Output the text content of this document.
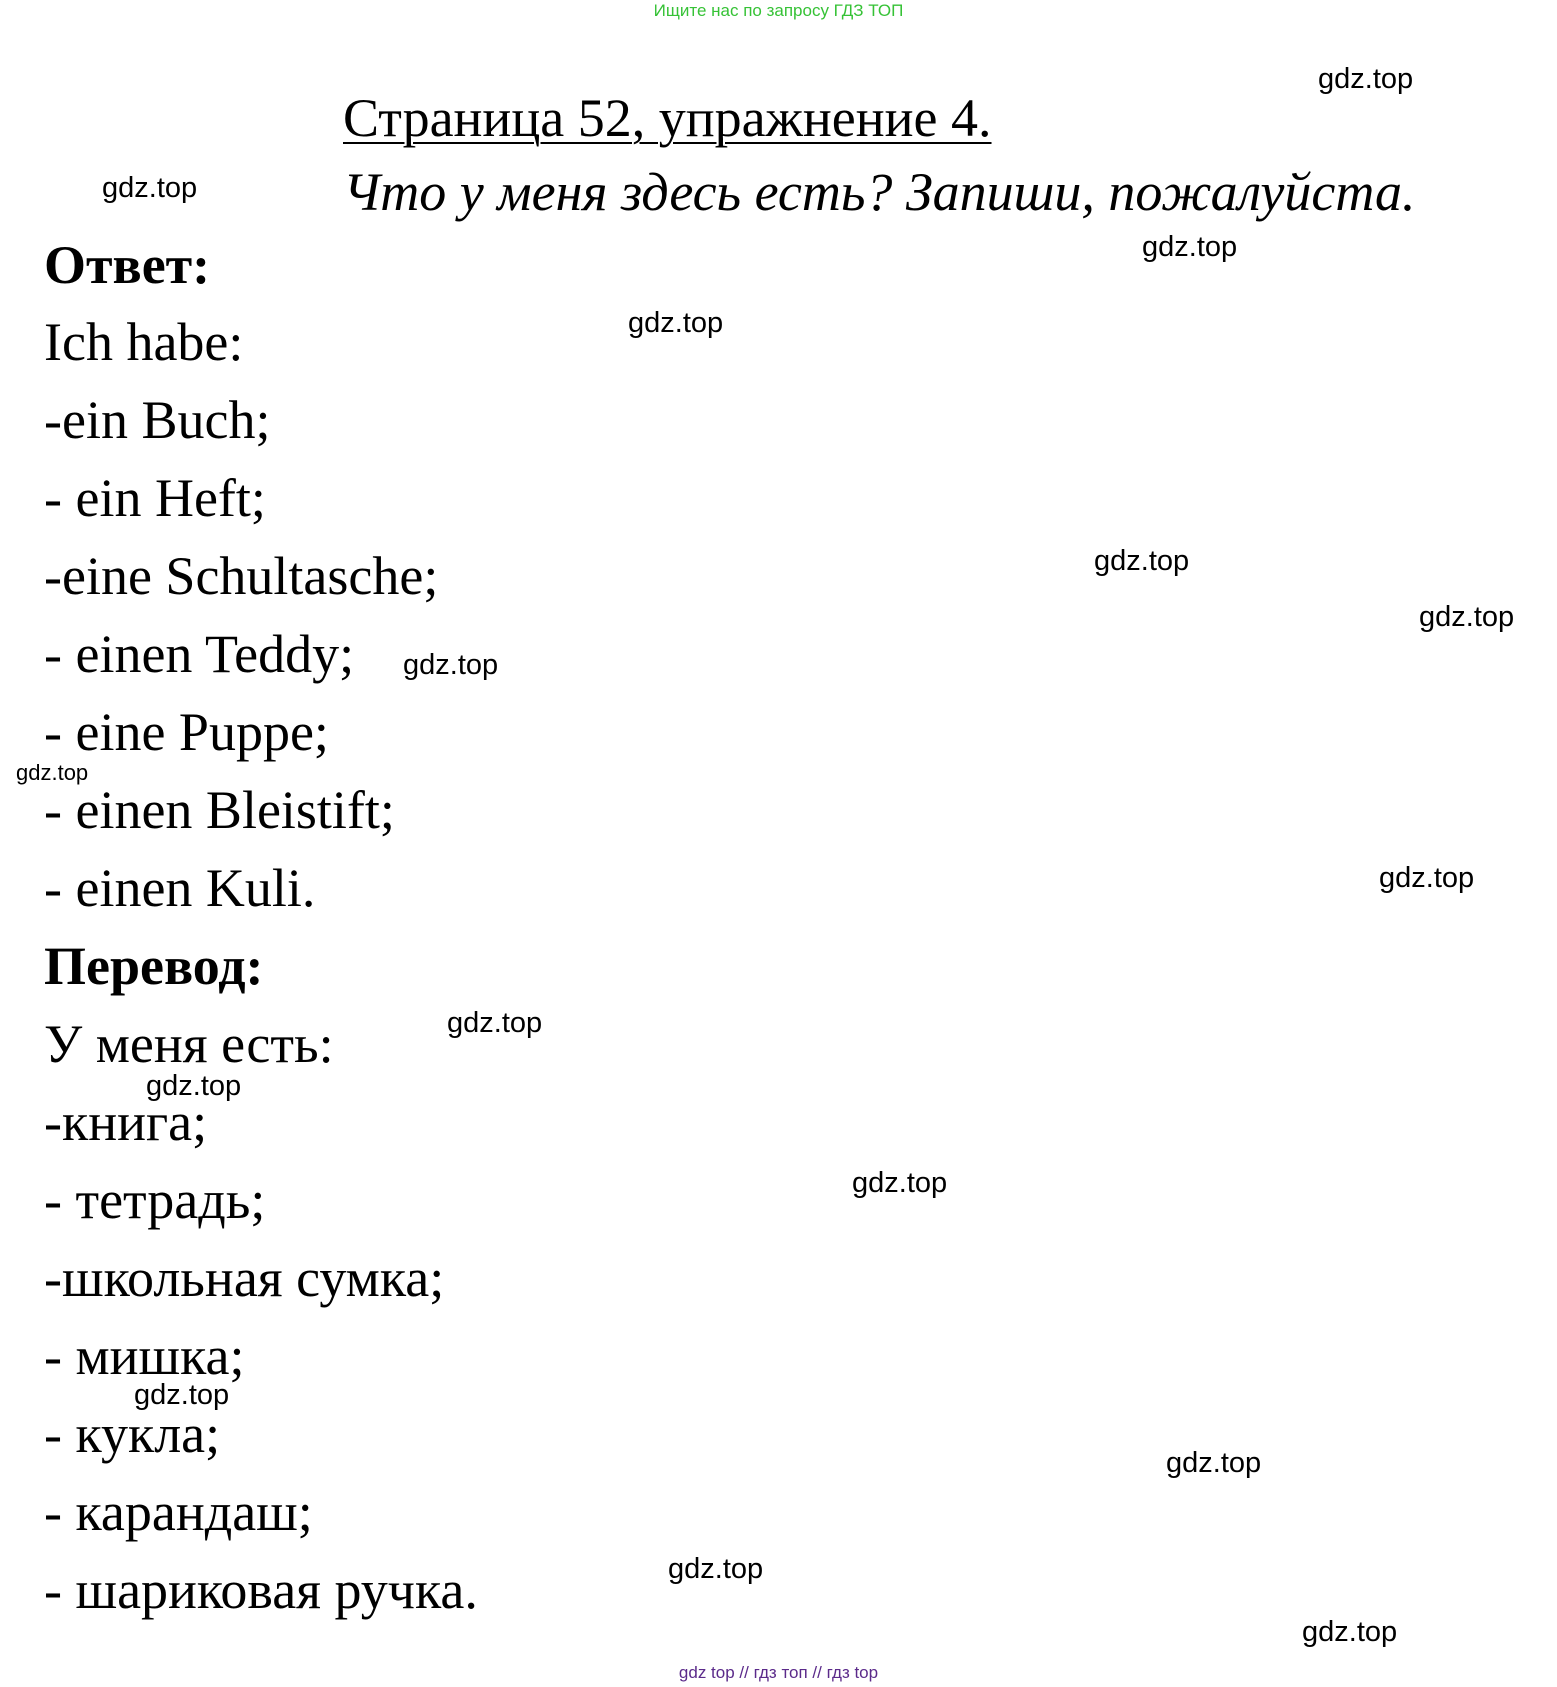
Ищите нас по запросу ГДЗ ТОП
Страница 52, упражнение 4.
Что у меня здесь есть? Запиши, пожалуйста.
Ответ:
Ich habe:
-ein Buch;
- ein Heft;
-eine Schultasche;
- einen Teddy;
- eine Puppe;
- einen Bleistift;
- einen Kuli.
Перевод:
У меня есть:
-книга;
- тетрадь;
-школьная сумка;
- мишка;
- кукла;
- карандаш;
- шариковая ручка.
gdz.top
gdz.top
gdz.top
gdz.top
gdz.top
gdz.top
gdz.top
gdz.top
gdz.top
gdz.top
gdz.top
gdz.top
gdz.top
gdz.top
gdz.top
gdz.top
gdz top // гдз топ // гдз top
